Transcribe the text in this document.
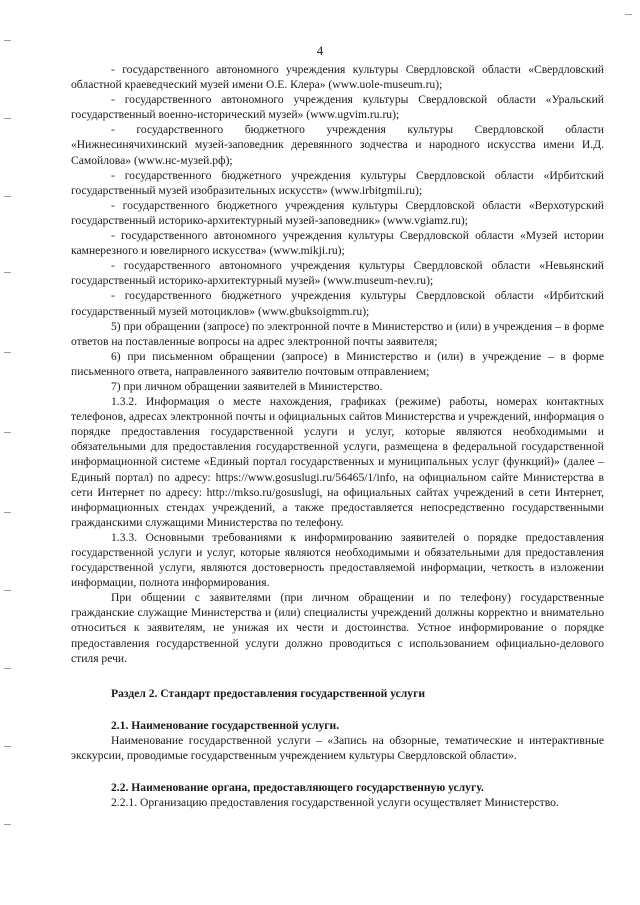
4

- государственного автономного учреждения культуры Свердловской области «Свердловский областной краеведческий музей имени О.Е. Клера» (www.uole-museum.ru);

- государственного автономного учреждения культуры Свердловской области «Уральский государственный военно-исторический музей» (www.ugvim.ru.ru);

- государственного бюджетного учреждения культуры Свердловской области «Нижнесинячихинский музей-заповедник деревянного зодчества и народного искусства имени И.Д. Самойлова» (www.нс-музей.рф);

- государственного бюджетного учреждения культуры Свердловской области «Ирбитский государственный музей изобразительных искусств» (www.irbitgmii.ru);

- государственного бюджетного учреждения культуры Свердловской области «Верхотурский государственный историко-архитектурный музей-заповедник» (www.vgiamz.ru);

- государственного автономного учреждения культуры Свердловской области «Музей истории камнерезного и ювелирного искусства» (www.mikji.ru);

- государственного автономного учреждения культуры Свердловской области «Невьянский государственный историко-архитектурный музей» (www.museum-nev.ru);

- государственного бюджетного учреждения культуры Свердловской области «Ирбитский государственный музей мотоциклов» (www.gbuksoigmm.ru);

5) при обращении (запросе) по электронной почте в Министерство и (или) в учреждения – в форме ответов на поставленные вопросы на адрес электронной почты заявителя;

6) при письменном обращении (запросе) в Министерство и (или) в учреждение – в форме письменного ответа, направленного заявителю почтовым отправлением;

7) при личном обращении заявителей в Министерство.

1.3.2. Информация о месте нахождения, графиках (режиме) работы, номерах контактных телефонов, адресах электронной почты и официальных сайтов Министерства и учреждений, информация о порядке предоставления государственной услуги и услуг, которые являются необходимыми и обязательными для предоставления государственной услуги, размещена в федеральной государственной информационной системе «Единый портал государственных и муниципальных услуг (функций)» (далее – Единый портал) по адресу: https://www.gosuslugi.ru/56465/1/info, на официальном сайте Министерства в сети Интернет по адресу: http://mkso.ru/gosuslugi, на официальных сайтах учреждений в сети Интернет, информационных стендах учреждений, а также предоставляется непосредственно государственными гражданскими служащими Министерства по телефону.

1.3.3. Основными требованиями к информированию заявителей о порядке предоставления государственной услуги и услуг, которые являются необходимыми и обязательными для предоставления государственной услуги, являются достоверность предоставляемой информации, четкость в изложении информации, полнота информирования.

При общении с заявителями (при личном обращении и по телефону) государственные гражданские служащие Министерства и (или) специалисты учреждений должны корректно и внимательно относиться к заявителям, не унижая их чести и достоинства. Устное информирование о порядке предоставления государственной услуги должно проводиться с использованием официально-делового стиля речи.

Раздел 2. Стандарт предоставления государственной услуги

2.1. Наименование государственной услуги.

Наименование государственной услуги – «Запись на обзорные, тематические и интерактивные экскурсии, проводимые государственным учреждением культуры Свердловской области».

2.2. Наименование органа, предоставляющего государственную услугу.

2.2.1. Организацию предоставления государственной услуги осуществляет Министерство.
